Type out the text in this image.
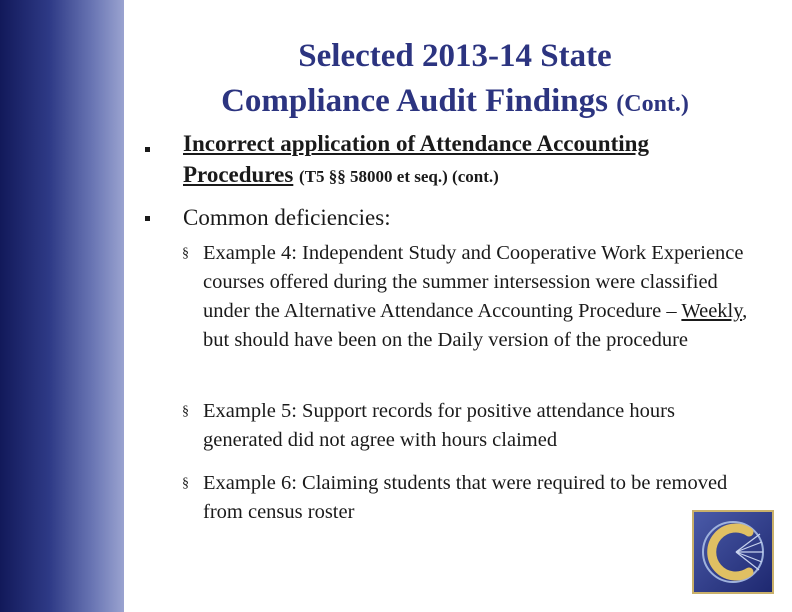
Selected 2013-14 State
Compliance Audit Findings (Cont.)
Incorrect application of Attendance Accounting
Procedures (T5 §§ 58000 et seq.) (cont.)
Common deficiencies:
§ Example 4: Independent Study and Cooperative Work Experience courses offered during the summer intersession were classified under the Alternative Attendance Accounting Procedure – Weekly, but should have been on the Daily version of the procedure
§ Example 5: Support records for positive attendance hours generated did not agree with hours claimed
§ Example 6: Claiming students that were required to be removed from census roster
